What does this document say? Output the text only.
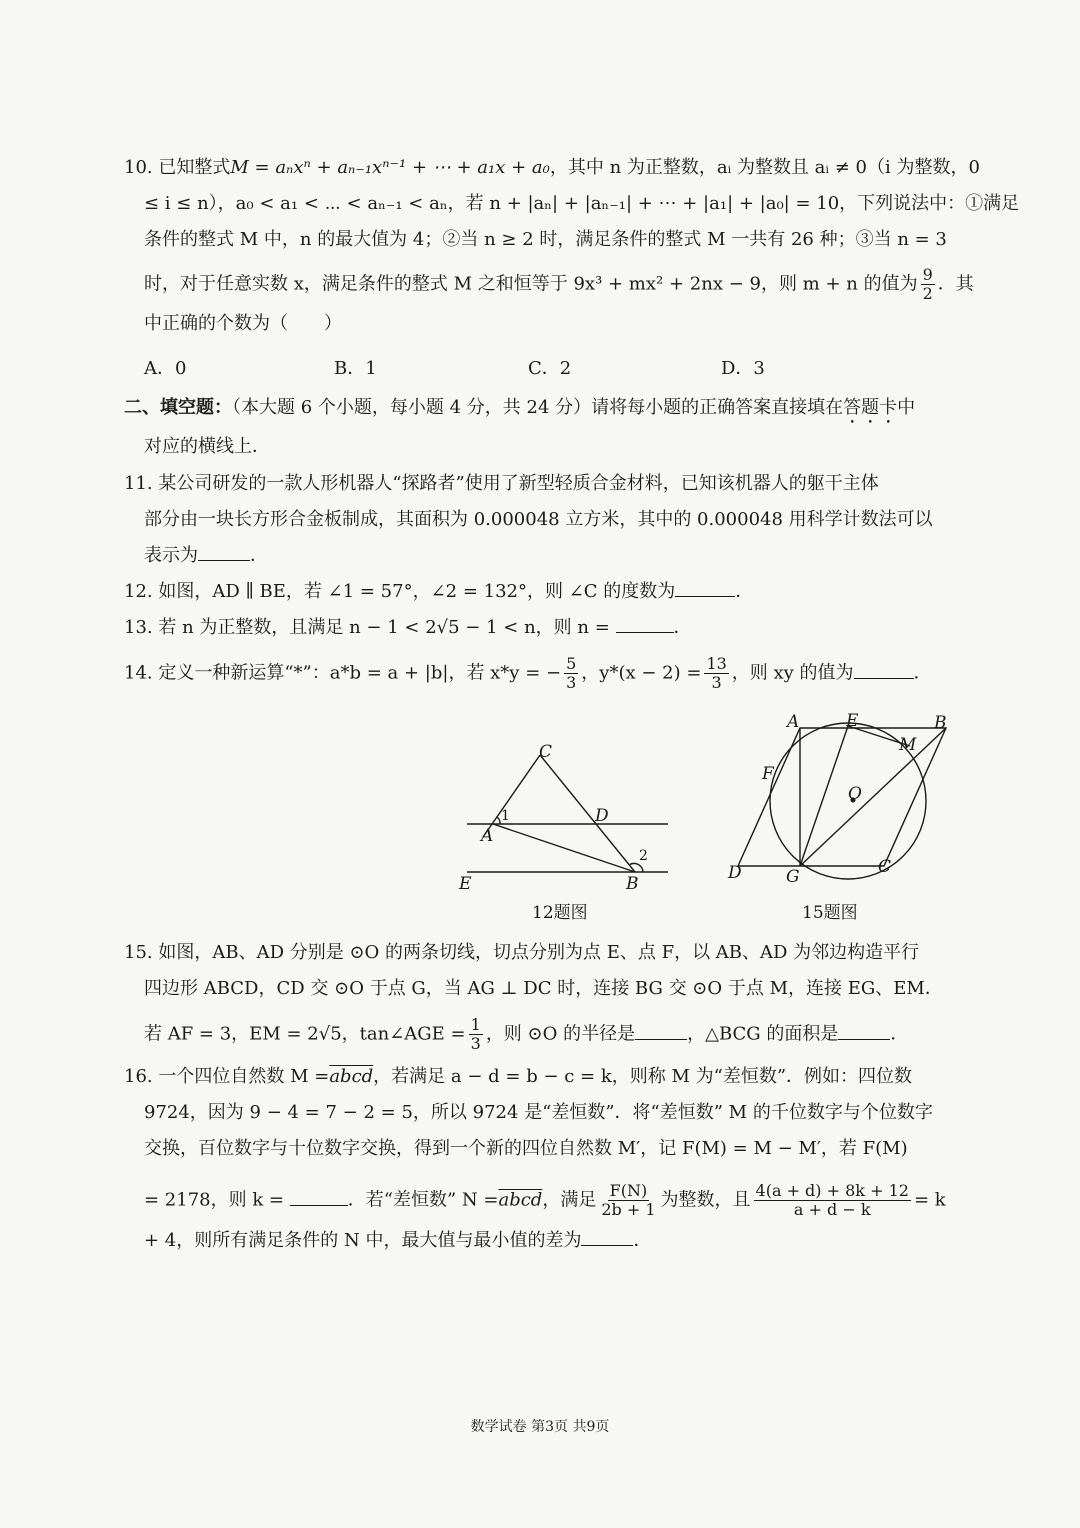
10. 已知整式M = aₙxⁿ + aₙ₋₁xⁿ⁻¹ + ⋯ + a₁x + a₀，其中 n 为正整数，aᵢ 为整数且 aᵢ ≠ 0（i 为整数，0
≤ i ≤ n），a₀ < a₁ < ⋯ < aₙ₋₁ < aₙ，若 n + |aₙ| + |aₙ₋₁| + ⋯ + |a₁| + |a₀| = 10，下列说法中：①满足
条件的整式 M 中，n 的最大值为 4；②当 n ≥ 2 时，满足条件的整式 M 一共有 26 种；③当 n = 3
时，对于任意实数 x，满足条件的整式 M 之和恒等于 9x³ + mx² + 2nx − 9，则 m + n 的值为 $\frac{9}{2}$ ．其
中正确的个数为（　　）
A．0	B．1	C．2	D．3
二、填空题：（本大题 6 个小题，每小题 4 分，共 24 分）请将每小题的正确答案直接填在答题卡中
对应的横线上．
11. 某公司研发的一款人形机器人“探路者”使用了新型轻质合金材料，已知该机器人的躯干主体
部分由一块长方形合金板制成，其面积为 0.000048 立方米，其中的 0.000048 用科学计数法可以
表示为	．
12. 如图，AD ∥ BE，若 ∠1 = 57°，∠2 = 132°，则 ∠C 的度数为	．
13. 若 n 为正整数，且满足 n − 1 < 2√5 − 1 < n，则 n =	．
14. 定义一种新运算“*”：a*b = a + |b|，若 x*y = − $\frac{5}{3}$ ，$y*(x - 2) = \frac{13}{3}$ ，则 xy 的值为	．
C
1
A
D
2
E	B
12题图
A	E	B
M
F
O
D	G	C
15题图
15. 如图，AB、AD 分别是 ⊙O 的两条切线，切点分别为点 E、点 F，以 AB、AD 为邻边构造平行
四边形 ABCD，CD 交 ⊙O 于点 G，当 AG ⊥ DC 时，连接 BG 交 ⊙O 于点 M，连接 EG、EM．
若 AF = 3，EM = 2√5，tan∠AGE = $\frac{1}{3}$ ，则 ⊙O 的半径是	，△BCG 的面积是	．
16. 一个四位自然数 M =abcd，若满足 a − d = b − c = k，则称 M 为“差恒数”．例如：四位数
9724，因为 9 − 4 = 7 − 2 = 5，所以 9724 是“差恒数”．将“差恒数” M 的千位数字与个位数字
交换，百位数字与十位数字交换，得到一个新的四位自然数 M′，记 F(M) = M − M′，若 F(M)
= 2178，则 k =	．若“差恒数” N =abcd，满足 $\frac{F(N)}{2b + 1}$ 为整数，且 $\frac{4(a + d) + 8k + 12}{a + d - k} = k$
+ 4，则所有满足条件的 N 中，最大值与最小值的差为	．
数学试卷 第3页 共9页
